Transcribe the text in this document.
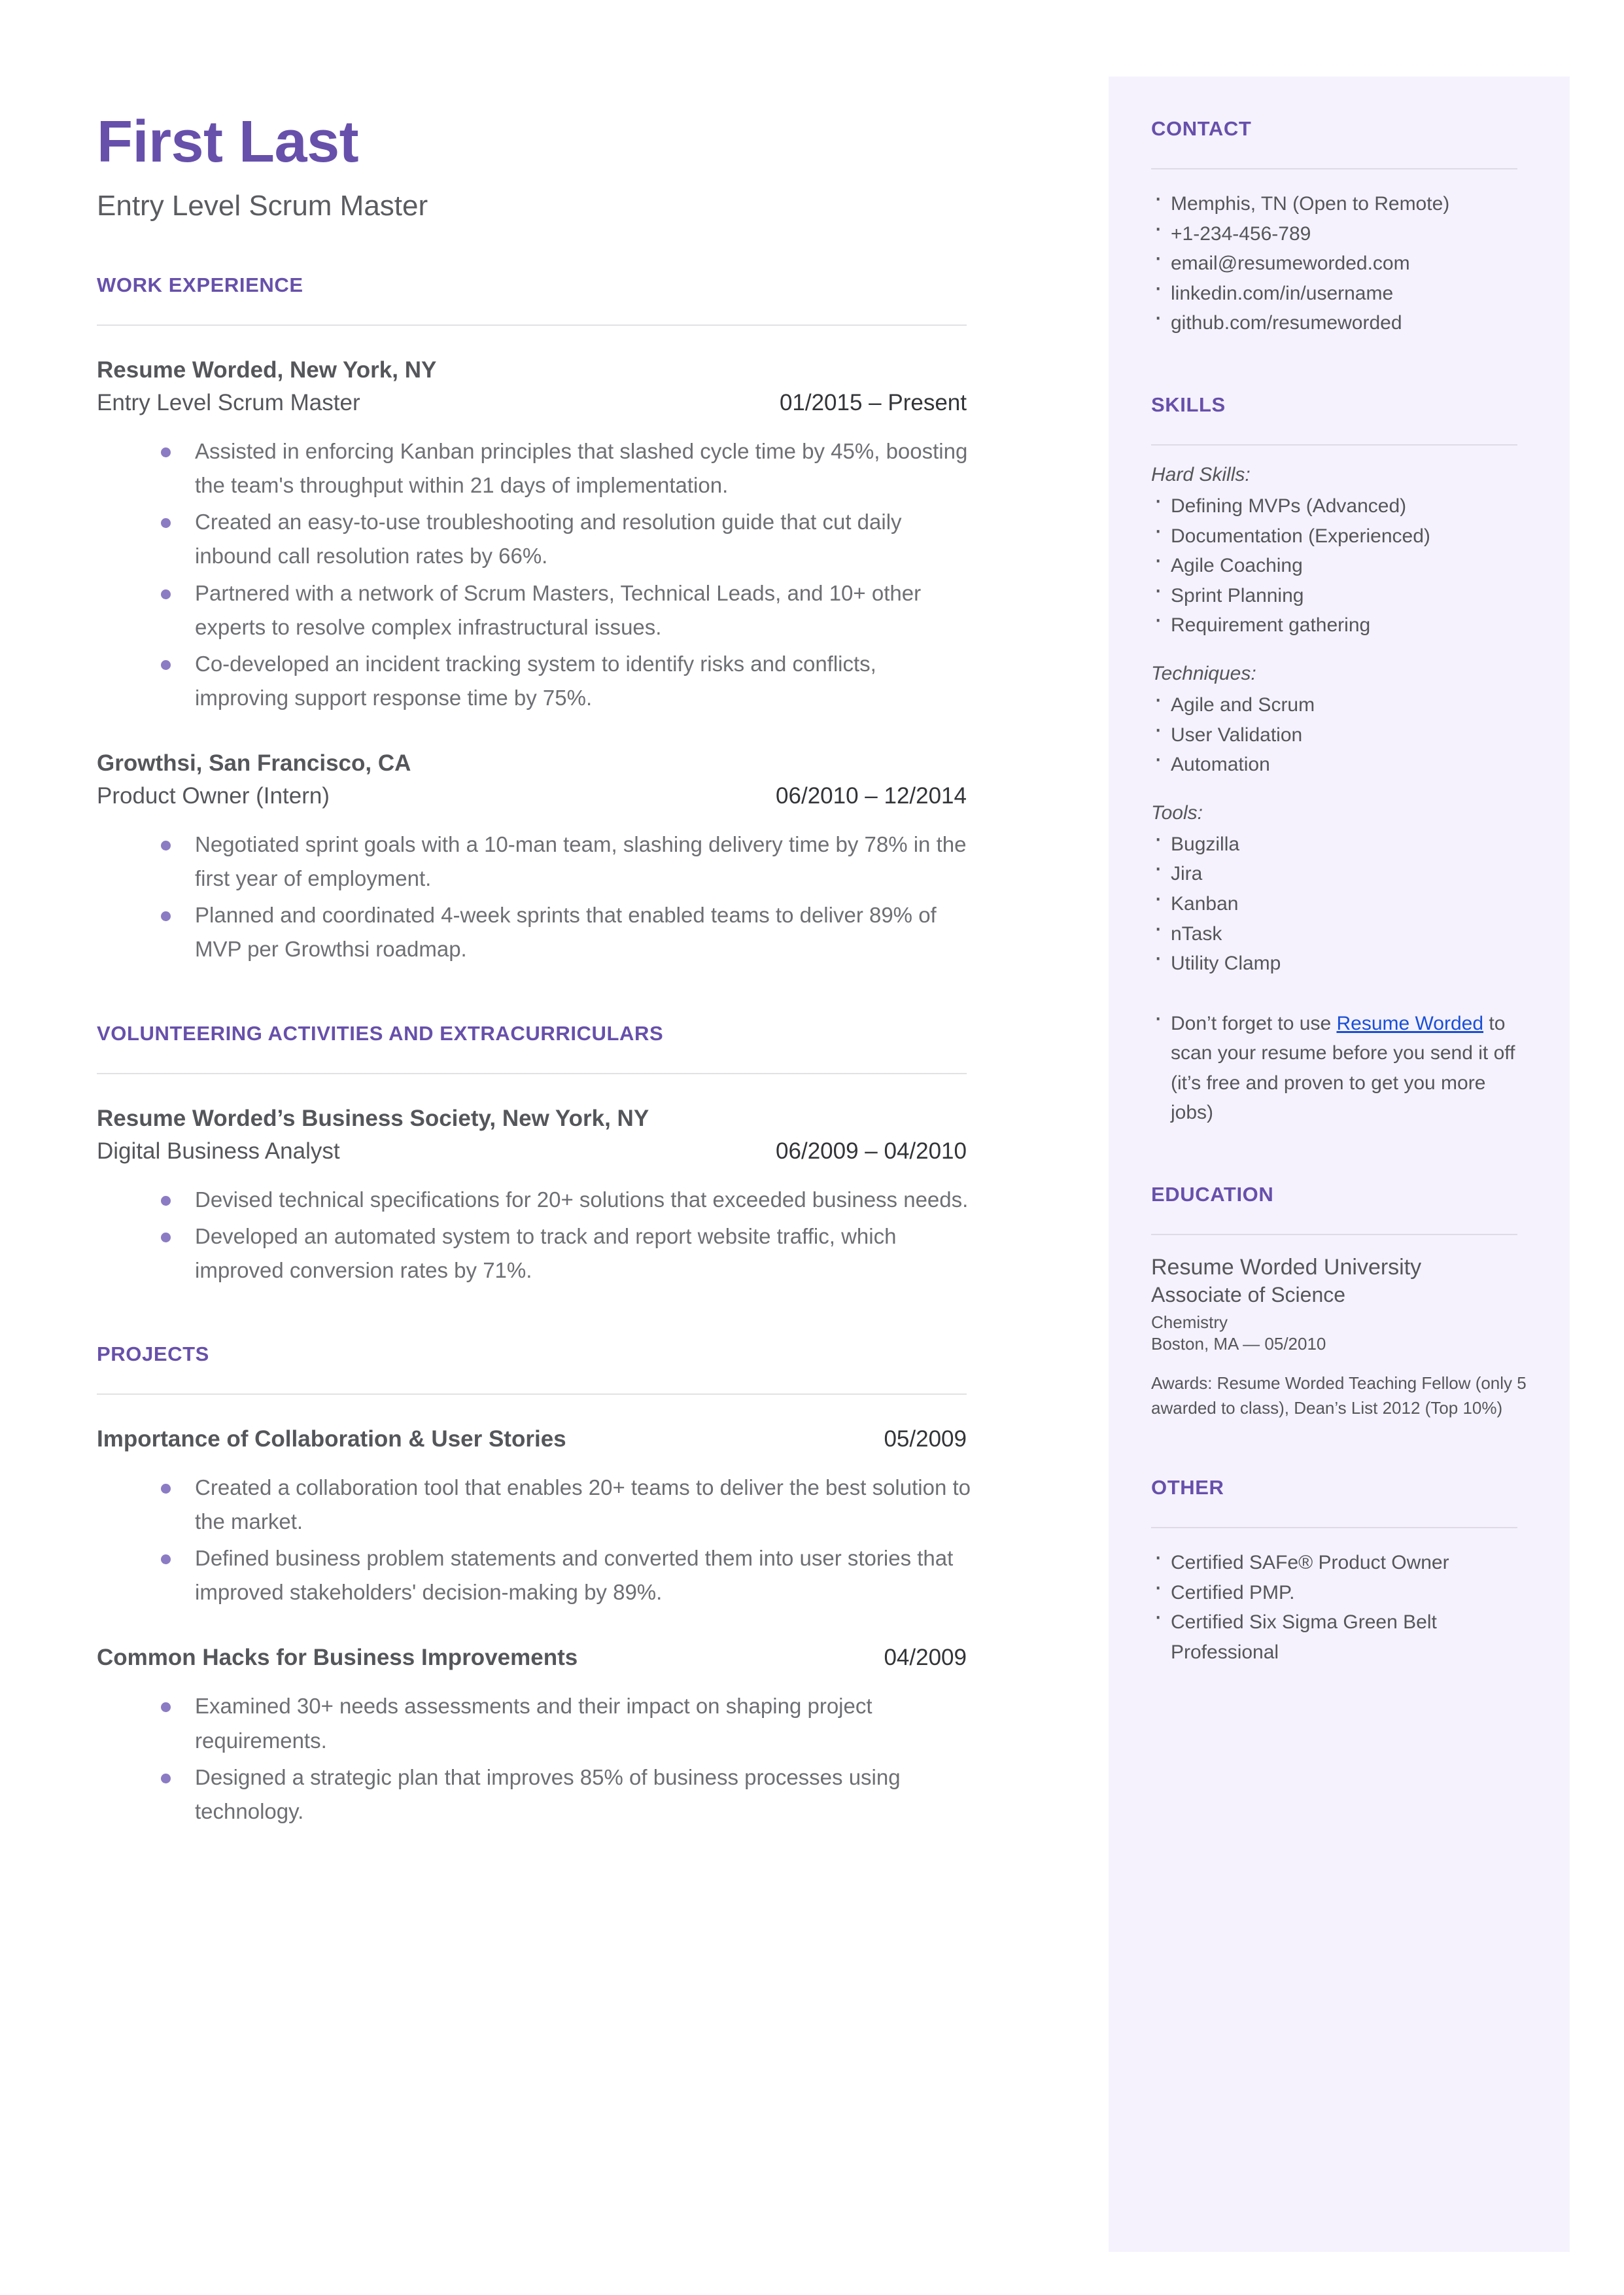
First Last
Entry Level Scrum Master
WORK EXPERIENCE
Resume Worded, New York, NY
Entry Level Scrum Master	01/2015 – Present
Assisted in enforcing Kanban principles that slashed cycle time by 45%, boosting the team's throughput within 21 days of implementation.
Created an easy-to-use troubleshooting and resolution guide that cut daily inbound call resolution rates by 66%.
Partnered with a network of Scrum Masters, Technical Leads, and 10+ other experts to resolve complex infrastructural issues.
Co-developed an incident tracking system to identify risks and conflicts, improving support response time by 75%.
Growthsi, San Francisco, CA
Product Owner (Intern)	06/2010 – 12/2014
Negotiated sprint goals with a 10-man team, slashing delivery time by 78% in the first year of employment.
Planned and coordinated 4-week sprints that enabled teams to deliver 89% of MVP per Growthsi roadmap.
VOLUNTEERING ACTIVITIES AND EXTRACURRICULARS
Resume Worded’s Business Society, New York, NY
Digital Business Analyst	06/2009 – 04/2010
Devised technical specifications for 20+ solutions that exceeded business needs.
Developed an automated system to track and report website traffic, which improved conversion rates by 71%.
PROJECTS
Importance of Collaboration & User Stories	05/2009
Created a collaboration tool that enables 20+ teams to deliver the best solution to the market.
Defined business problem statements and converted them into user stories that improved stakeholders' decision-making by 89%.
Common Hacks for Business Improvements	04/2009
Examined 30+ needs assessments and their impact on shaping project requirements.
Designed a strategic plan that improves 85% of business processes using technology.
CONTACT
· Memphis, TN (Open to Remote)
· +1-234-456-789
· email@resumeworded.com
· linkedin.com/in/username
· github.com/resumeworded
SKILLS
Hard Skills:
· Defining MVPs (Advanced)
· Documentation (Experienced)
· Agile Coaching
· Sprint Planning
· Requirement gathering
Techniques:
· Agile and Scrum
· User Validation
· Automation
Tools:
· Bugzilla
· Jira
· Kanban
· nTask
· Utility Clamp
· Don’t forget to use Resume Worded to scan your resume before you send it off (it’s free and proven to get you more jobs)
EDUCATION
Resume Worded University
Associate of Science
Chemistry
Boston, MA — 05/2010
Awards: Resume Worded Teaching Fellow (only 5 awarded to class), Dean’s List 2012 (Top 10%)
OTHER
· Certified SAFe® Product Owner
· Certified PMP.
· Certified Six Sigma Green Belt Professional
